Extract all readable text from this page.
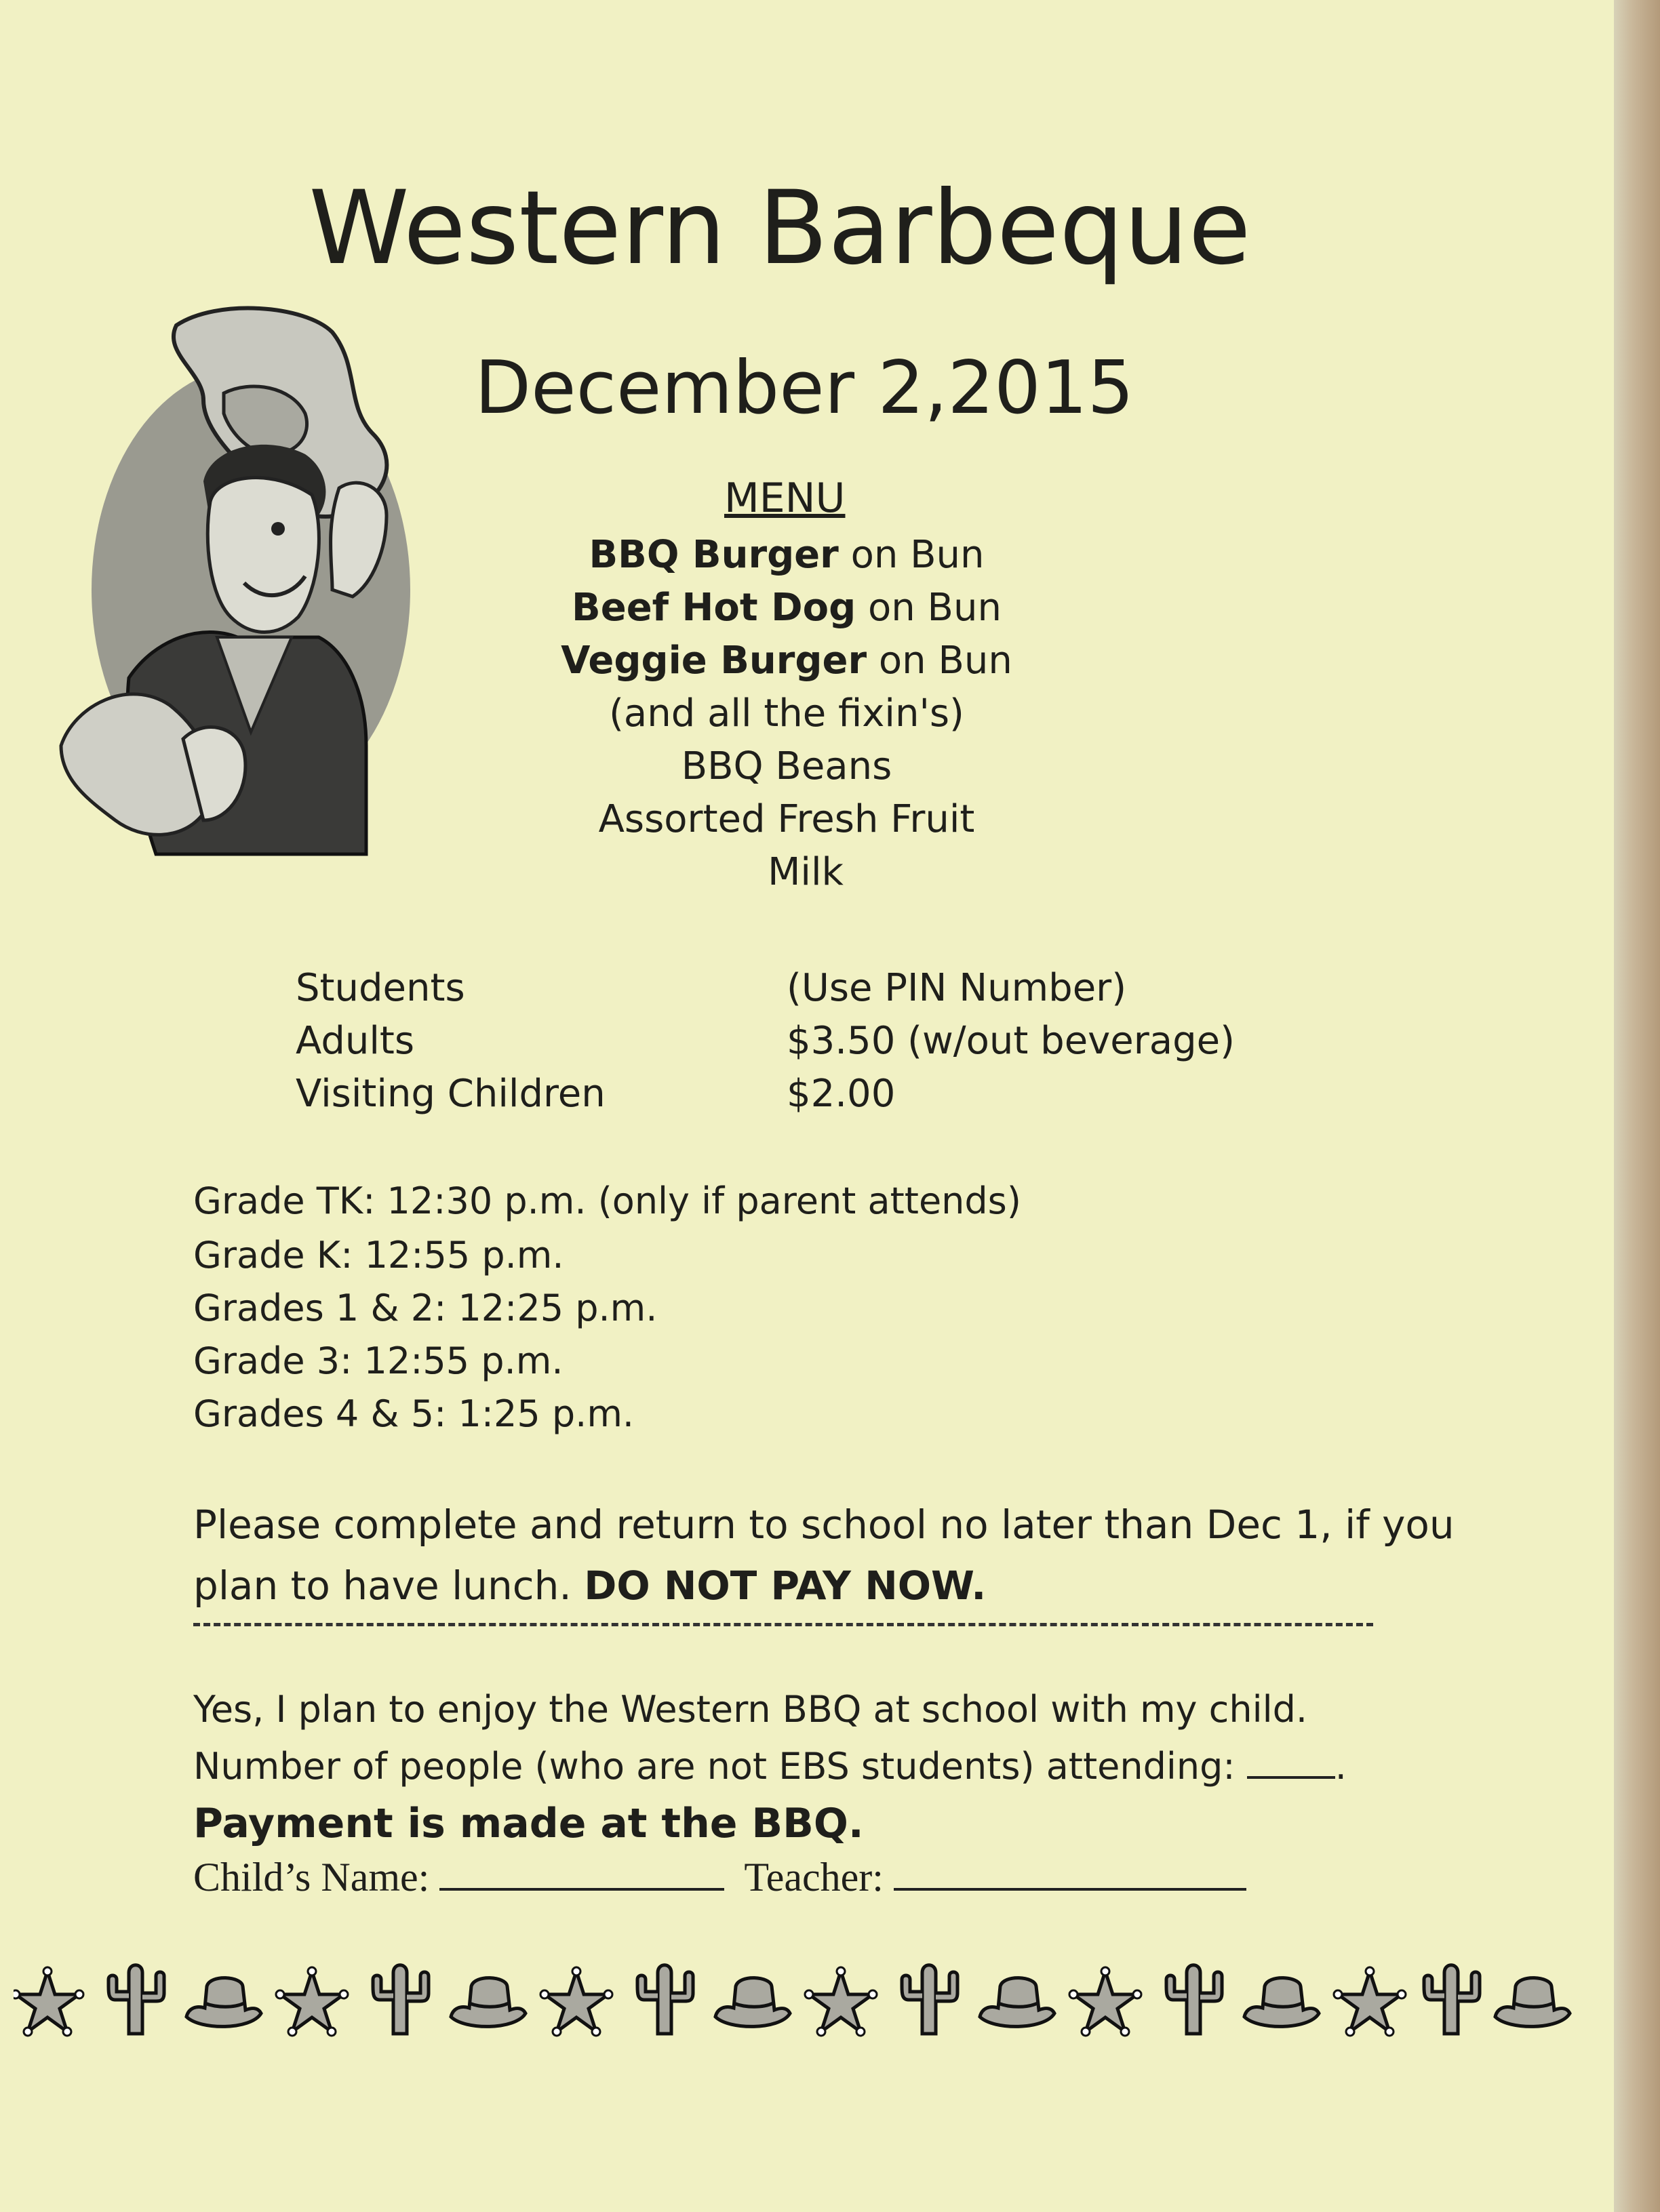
Western Barbeque
December 2,2015
MENU
BBQ Burger on Bun
Beef Hot Dog on Bun
Veggie Burger on Bun
(and all the fixin's)
BBQ Beans
Assorted Fresh Fruit
Milk
Students	(Use PIN Number)
Adults	$3.50 (w/out beverage)
Visiting Children	$2.00
Grade TK: 12:30 p.m. (only if parent attends)
Grade K: 12:55 p.m.
Grades 1 & 2: 12:25 p.m.
Grade 3: 12:55 p.m.
Grades 4 & 5: 1:25 p.m.
Please complete and return to school no later than Dec 1, if you
plan to have lunch. DO NOT PAY NOW.
Yes, I plan to enjoy the Western BBQ at school with my child.
Number of people (who are not EBS students) attending:	.
Payment is made at the BBQ.
Child’s Name:	Teacher:
